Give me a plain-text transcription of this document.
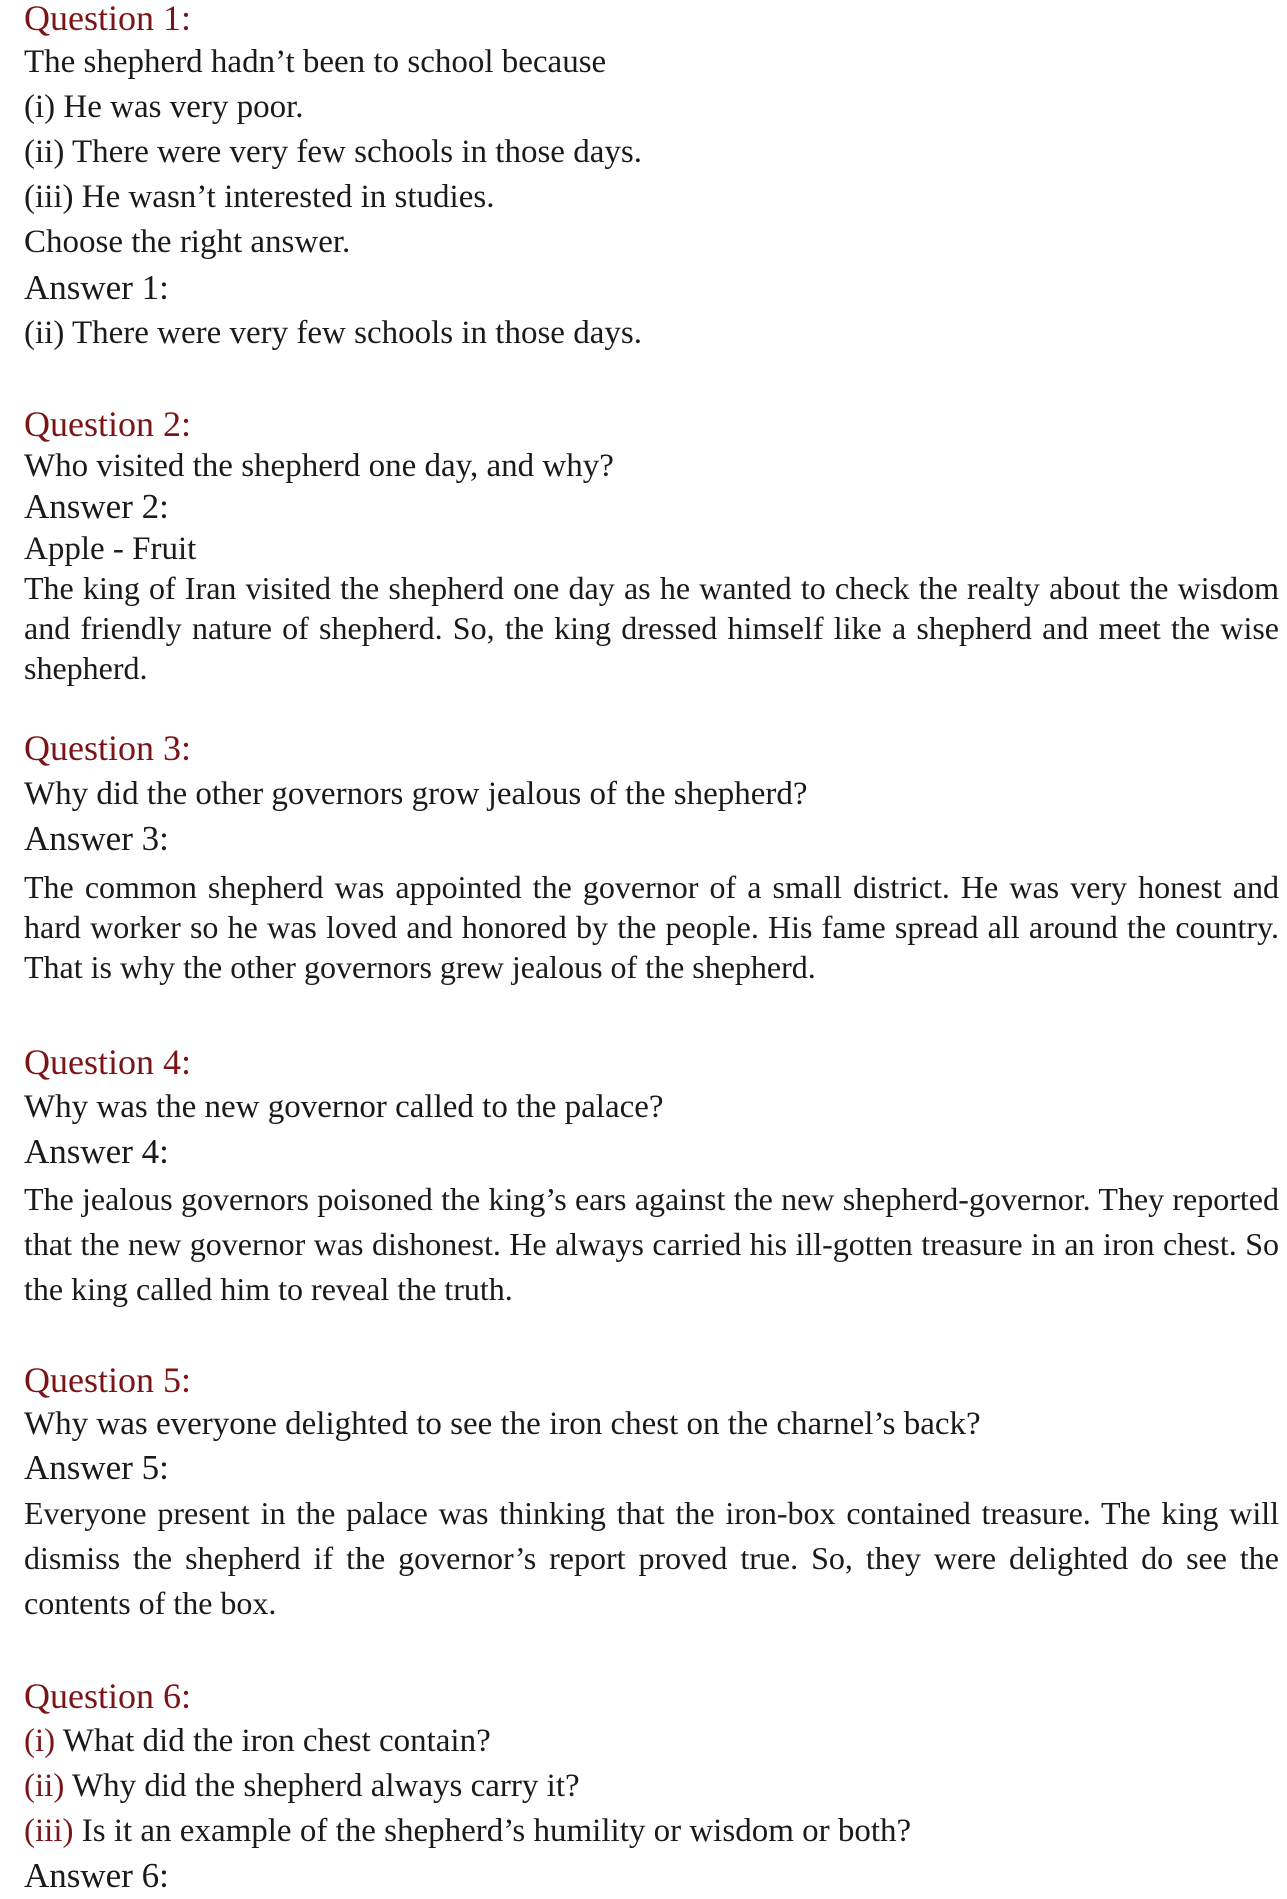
Question 1:
The shepherd hadn’t been to school because
(i) He was very poor.
(ii) There were very few schools in those days.
(iii) He wasn’t interested in studies.
Choose the right answer.
Answer 1:
(ii) There were very few schools in those days.
Question 2:
Who visited the shepherd one day, and why?
Answer 2:
Apple - Fruit
The king of Iran visited the shepherd one day as he wanted to check the realty about the wisdom and friendly nature of shepherd. So, the king dressed himself like a shepherd and meet the wise shepherd.
Question 3:
Why did the other governors grow jealous of the shepherd?
Answer 3:
The common shepherd was appointed the governor of a small district. He was very honest and hard worker so he was loved and honored by the people. His fame spread all around the country. That is why the other governors grew jealous of the shepherd.
Question 4:
Why was the new governor called to the palace?
Answer 4:
The jealous governors poisoned the king’s ears against the new shepherd-governor. They reported that the new governor was dishonest. He always carried his ill-gotten treasure in an iron chest. So the king called him to reveal the truth.
Question 5:
Why was everyone delighted to see the iron chest on the charnel’s back?
Answer 5:
Everyone present in the palace was thinking that the iron-box contained treasure. The king will dismiss the shepherd if the governor’s report proved true. So, they were delighted do see the contents of the box.
Question 6:
(i) What did the iron chest contain?
(ii) Why did the shepherd always carry it?
(iii) Is it an example of the shepherd’s humility or wisdom or both?
Answer 6:
